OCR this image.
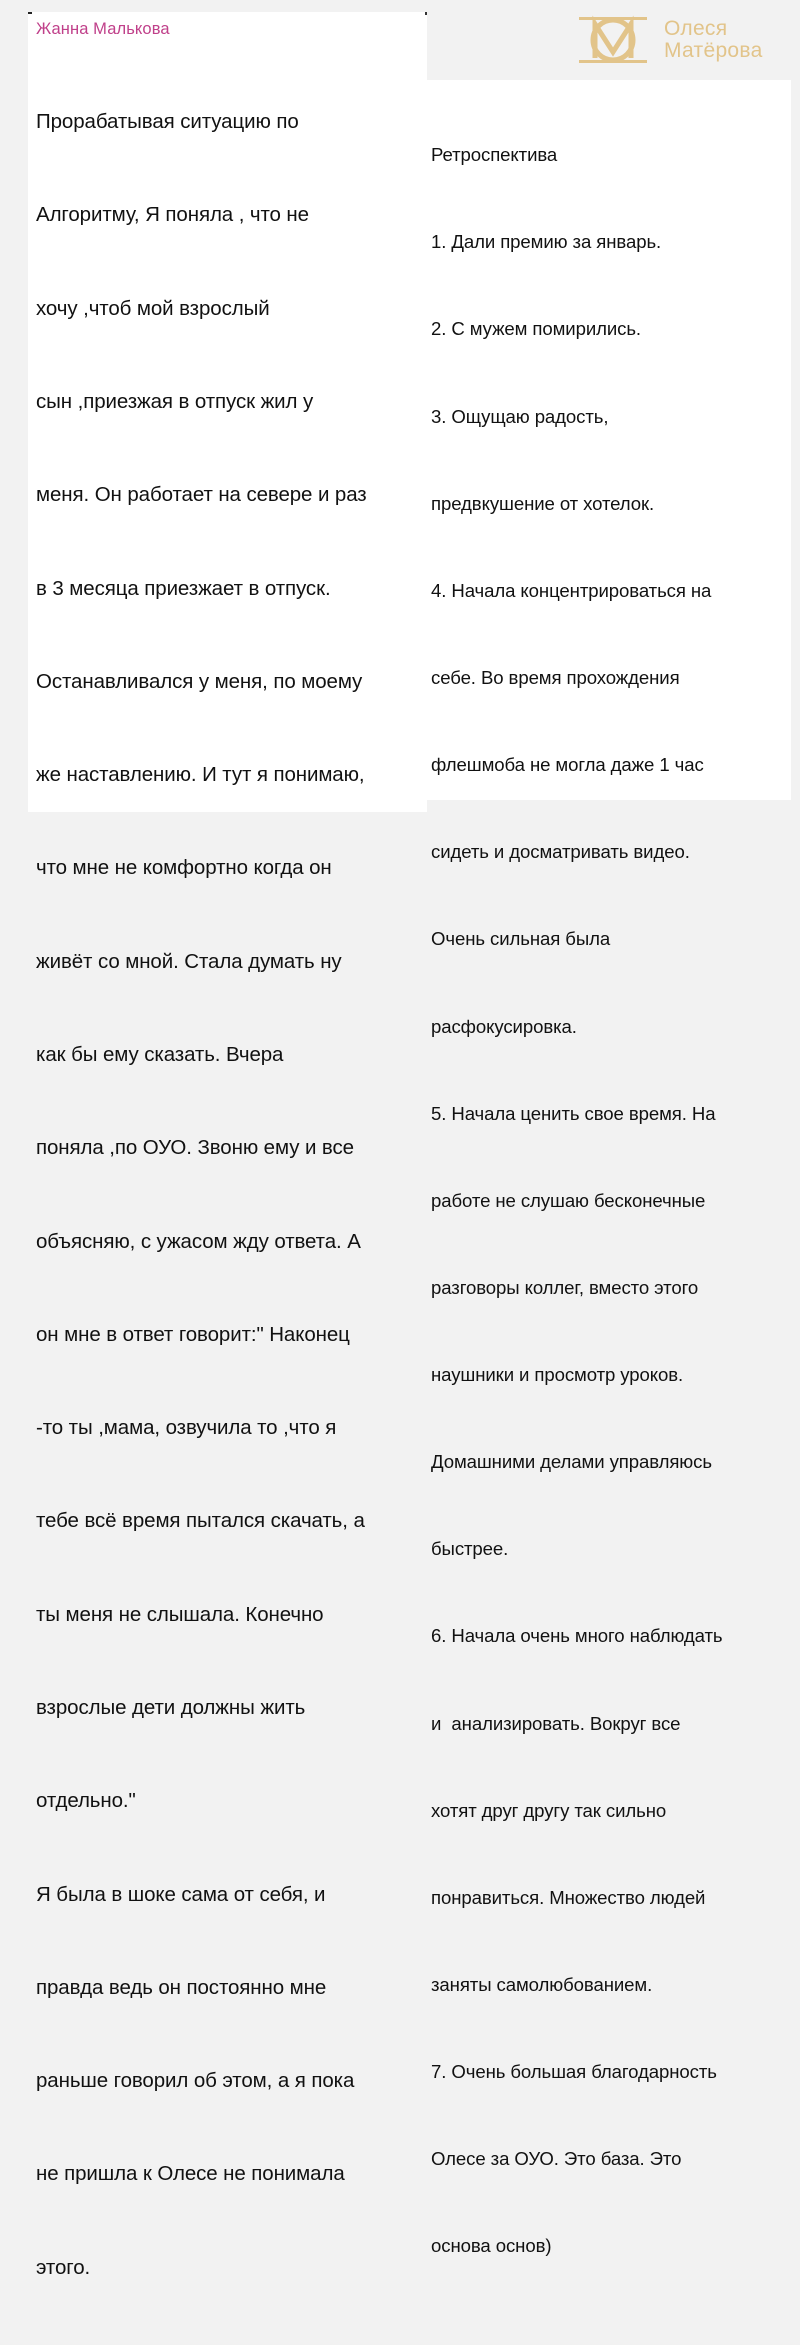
Жанна Малькова

Прорабатывая ситуацию по

Алгоритму, Я поняла , что не

хочу ,чтоб мой взрослый

сын ,приезжая в отпуск жил у

меня. Он работает на севере и раз

в 3 месяца приезжает в отпуск.

Останавливался у меня, по моему

же наставлению. И тут я понимаю,

что мне не комфортно когда он

живёт со мной. Стала думать ну

как бы ему сказать. Вчера

поняла ,по ОУО. Звоню ему и все

объясняю, с ужасом жду ответа. А

он мне в ответ говорит:" Наконец

-то ты ,мама, озвучила то ,что я

тебе всё время пытался скачать, а

ты меня не слышала. Конечно

взрослые дети должны жить

отдельно."

Я была в шоке сама от себя, и

правда ведь он постоянно мне

раньше говорил об этом, а я пока

не пришла к Олесе не понимала

этого.

Олеся
Матёрова

Ретроспектива

1. Дали премию за январь.

2. С мужем помирились.

3. Ощущаю радость,

предвкушение от хотелок.

4. Начала концентрироваться на

себе. Во время прохождения

флешмоба не могла даже 1 час

сидеть и досматривать видео.

Очень сильная была

расфокусировка.

5. Начала ценить свое время. На

работе не слушаю бесконечные

разговоры коллег, вместо этого

наушники и просмотр уроков.

Домашними делами управляюсь

быстрее.

6. Начала очень много наблюдать

и  анализировать. Вокруг все

хотят друг другу так сильно

понравиться. Множество людей

заняты самолюбованием.

7. Очень большая благодарность

Олесе за ОУО. Это база. Это

основа основ)
